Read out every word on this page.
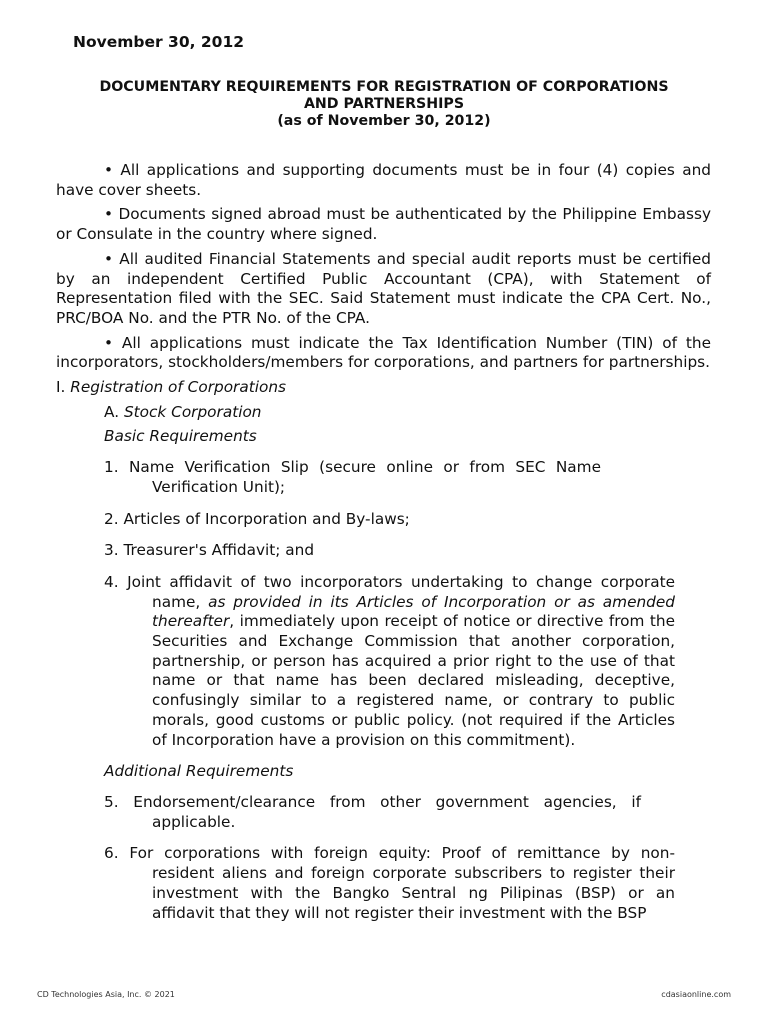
November 30, 2012
DOCUMENTARY REQUIREMENTS FOR REGISTRATION OF CORPORATIONS
AND PARTNERSHIPS
(as of November 30, 2012)

• All applications and supporting documents must be in four (4) copies and have cover sheets.

• Documents signed abroad must be authenticated by the Philippine Embassy or Consulate in the country where signed.

• All audited Financial Statements and special audit reports must be certified by an independent Certified Public Accountant (CPA), with Statement of Representation filed with the SEC. Said Statement must indicate the CPA Cert. No., PRC/BOA No. and the PTR No. of the CPA.

• All applications must indicate the Tax Identification Number (TIN) of the incorporators, stockholders/members for corporations, and partners for partnerships.

I. Registration of Corporations
A. Stock Corporation
Basic Requirements

1. Name Verification Slip (secure online or from SEC Name Verification Unit);

2. Articles of Incorporation and By-laws;

3. Treasurer's Affidavit; and

4. Joint affidavit of two incorporators undertaking to change corporate name, as provided in its Articles of Incorporation or as amended thereafter, immediately upon receipt of notice or directive from the Securities and Exchange Commission that another corporation, partnership, or person has acquired a prior right to the use of that name or that name has been declared misleading, deceptive, confusingly similar to a registered name, or contrary to public morals, good customs or public policy. (not required if the Articles of Incorporation have a provision on this commitment).

Additional Requirements

5. Endorsement/clearance from other government agencies, if applicable.

6. For corporations with foreign equity: Proof of remittance by non-resident aliens and foreign corporate subscribers to register their investment with the Bangko Sentral ng Pilipinas (BSP) or an affidavit that they will not register their investment with the BSP

CD Technologies Asia, Inc. © 2021	cdasiaonline.com
